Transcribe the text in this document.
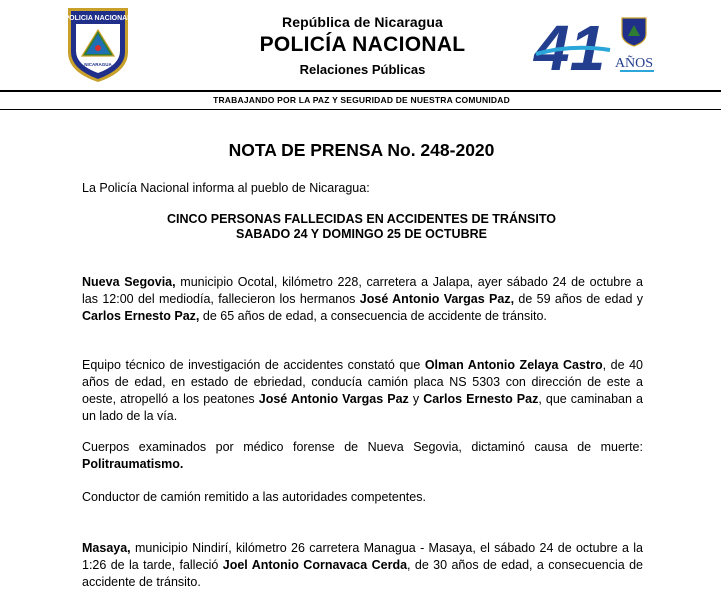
POLICIA NACIONAL
NICARAGUA
República de Nicaragua
POLICÍA NACIONAL
Relaciones Públicas	41 AÑOS
TRABAJANDO POR LA PAZ Y SEGURIDAD DE NUESTRA COMUNIDAD
NOTA DE PRENSA No. 248-2020
La Policía Nacional informa al pueblo de Nicaragua:
CINCO PERSONAS FALLECIDAS EN ACCIDENTES DE TRÁNSITO
SABADO 24 Y DOMINGO 25 DE OCTUBRE
Nueva Segovia, municipio Ocotal, kilómetro 228, carretera a Jalapa, ayer sábado 24 de octubre a las 12:00 del mediodía, fallecieron los hermanos José Antonio Vargas Paz, de 59 años de edad y Carlos Ernesto Paz, de 65 años de edad, a consecuencia de accidente de tránsito.
Equipo técnico de investigación de accidentes constató que Olman Antonio Zelaya Castro, de 40 años de edad, en estado de ebriedad, conducía camión placa NS 5303 con dirección de este a oeste, atropelló a los peatones José Antonio Vargas Paz y Carlos Ernesto Paz, que caminaban a un lado de la vía.
Cuerpos examinados por médico forense de Nueva Segovia, dictaminó causa de muerte: Politraumatismo.
Conductor de camión remitido a las autoridades competentes.
Masaya, municipio Nindirí, kilómetro 26 carretera Managua - Masaya, el sábado 24 de octubre a la 1:26 de la tarde, falleció Joel Antonio Cornavaca Cerda, de 30 años de edad, a consecuencia de accidente de tránsito.
